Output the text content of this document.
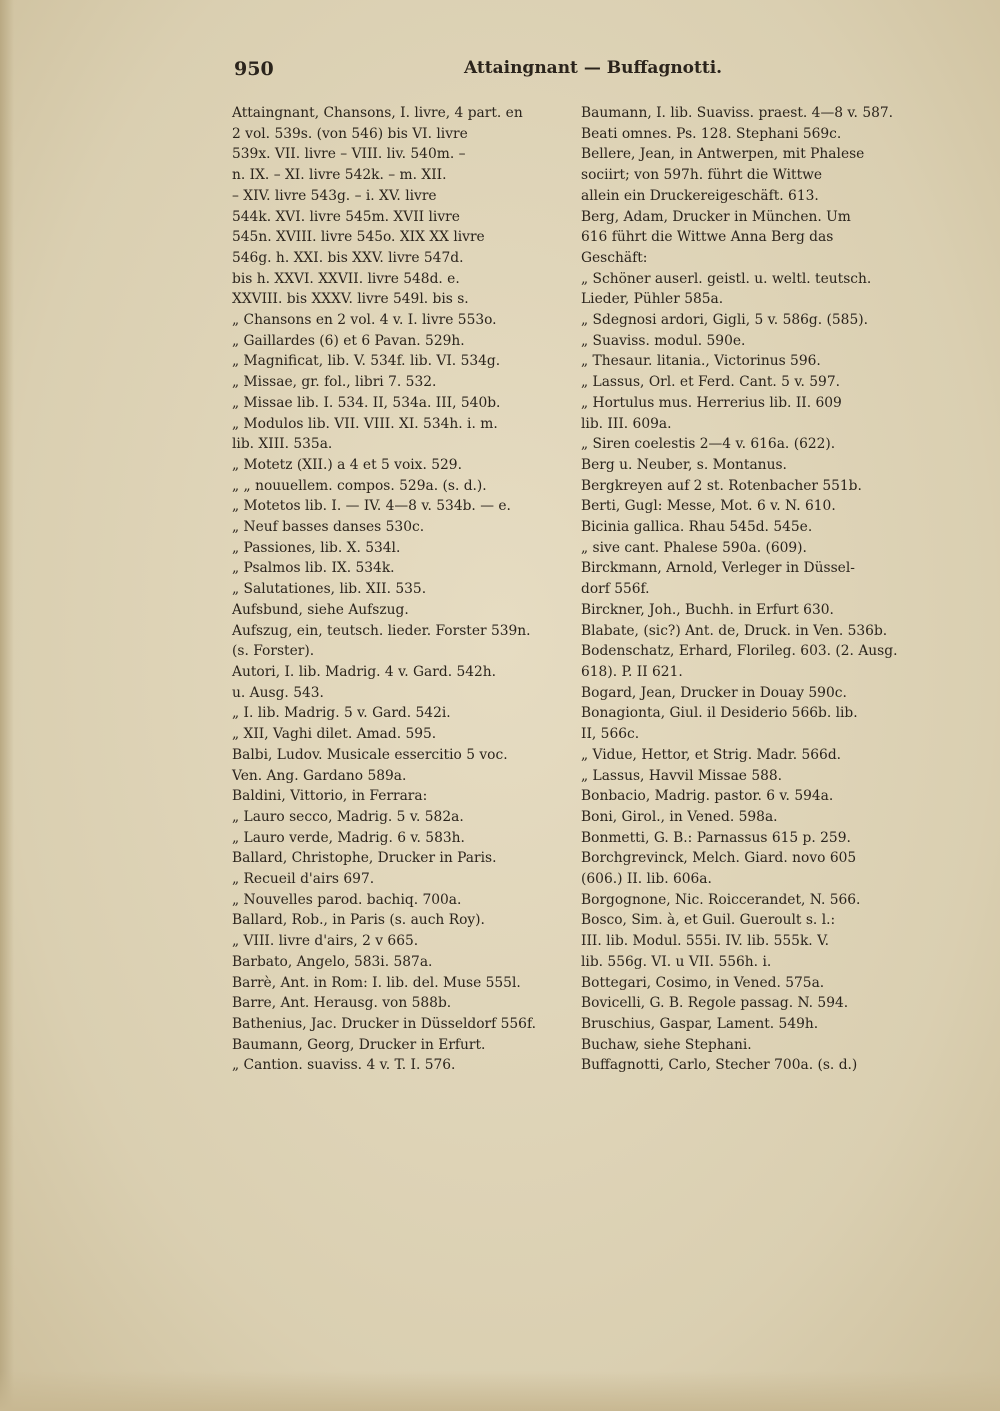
950	Attaingnant — Buffagnotti.
Attaingnant, Chansons, I. livre, 4 part. en
2 vol. 539s. (von 546) bis VI. livre
539x. VII. livre – VIII. liv. 540m. –
n. IX. – XI. livre 542k. – m. XII.
– XIV. livre 543g. – i. XV. livre
544k. XVI. livre 545m. XVII livre
545n. XVIII. livre 545o. XIX XX livre
546g. h. XXI. bis XXV. livre 547d.
bis h. XXVI. XXVII. livre 548d. e.
XXVIII. bis XXXV. livre 549l. bis s.
„ Chansons en 2 vol. 4 v. I. livre 553o.
„ Gaillardes (6) et 6 Pavan. 529h.
„ Magnificat, lib. V. 534f. lib. VI. 534g.
„ Missae, gr. fol., libri 7. 532.
„ Missae lib. I. 534. II, 534a. III, 540b.
„ Modulos lib. VII. VIII. XI. 534h. i. m.
lib. XIII. 535a.
„ Motetz (XII.) a 4 et 5 voix. 529.
„ „ nouuellem. compos. 529a. (s. d.).
„ Motetos lib. I. — IV. 4—8 v. 534b. — e.
„ Neuf basses danses 530c.
„ Passiones, lib. X. 534l.
„ Psalmos lib. IX. 534k.
„ Salutationes, lib. XII. 535.
Aufsbund, siehe Aufszug.
Aufszug, ein, teutsch. lieder. Forster 539n.
(s. Forster).
Autori, I. lib. Madrig. 4 v. Gard. 542h.
u. Ausg. 543.
„ I. lib. Madrig. 5 v. Gard. 542i.
„ XII, Vaghi dilet. Amad. 595.
Balbi, Ludov. Musicale essercitio 5 voc.
Ven. Ang. Gardano 589a.
Baldini, Vittorio, in Ferrara:
„ Lauro secco, Madrig. 5 v. 582a.
„ Lauro verde, Madrig. 6 v. 583h.
Ballard, Christophe, Drucker in Paris.
„ Recueil d'airs 697.
„ Nouvelles parod. bachiq. 700a.
Ballard, Rob., in Paris (s. auch Roy).
„ VIII. livre d'airs, 2 v 665.
Barbato, Angelo, 583i. 587a.
Barrè, Ant. in Rom: I. lib. del. Muse 555l.
Barre, Ant. Herausg. von 588b.
Bathenius, Jac. Drucker in Düsseldorf 556f.
Baumann, Georg, Drucker in Erfurt.
„ Cantion. suaviss. 4 v. T. I. 576.
Baumann, I. lib. Suaviss. praest. 4—8 v. 587.
Beati omnes. Ps. 128. Stephani 569c.
Bellere, Jean, in Antwerpen, mit Phalese
sociirt; von 597h. führt die Wittwe
allein ein Druckereigeschäft. 613.
Berg, Adam, Drucker in München. Um
616 führt die Wittwe Anna Berg das
Geschäft:
„ Schöner auserl. geistl. u. weltl. teutsch.
Lieder, Pühler 585a.
„ Sdegnosi ardori, Gigli, 5 v. 586g. (585).
„ Suaviss. modul. 590e.
„ Thesaur. litania., Victorinus 596.
„ Lassus, Orl. et Ferd. Cant. 5 v. 597.
„ Hortulus mus. Herrerius lib. II. 609
lib. III. 609a.
„ Siren coelestis 2—4 v. 616a. (622).
Berg u. Neuber, s. Montanus.
Bergkreyen auf 2 st. Rotenbacher 551b.
Berti, Gugl: Messe, Mot. 6 v. N. 610.
Bicinia gallica. Rhau 545d. 545e.
„ sive cant. Phalese 590a. (609).
Birckmann, Arnold, Verleger in Düssel-
dorf 556f.
Birckner, Joh., Buchh. in Erfurt 630.
Blabate, (sic?) Ant. de, Druck. in Ven. 536b.
Bodenschatz, Erhard, Florileg. 603. (2. Ausg.
618). P. II 621.
Bogard, Jean, Drucker in Douay 590c.
Bonagionta, Giul. il Desiderio 566b. lib.
II, 566c.
„ Vidue, Hettor, et Strig. Madr. 566d.
„ Lassus, Havvil Missae 588.
Bonbacio, Madrig. pastor. 6 v. 594a.
Boni, Girol., in Vened. 598a.
Bonmetti, G. B.: Parnassus 615 p. 259.
Borchgrevinck, Melch. Giard. novo 605
(606.) II. lib. 606a.
Borgognone, Nic. Roiccerandet, N. 566.
Bosco, Sim. à, et Guil. Gueroult s. l.:
III. lib. Modul. 555i. IV. lib. 555k. V.
lib. 556g. VI. u VII. 556h. i.
Bottegari, Cosimo, in Vened. 575a.
Bovicelli, G. B. Regole passag. N. 594.
Bruschius, Gaspar, Lament. 549h.
Buchaw, siehe Stephani.
Buffagnotti, Carlo, Stecher 700a. (s. d.)
